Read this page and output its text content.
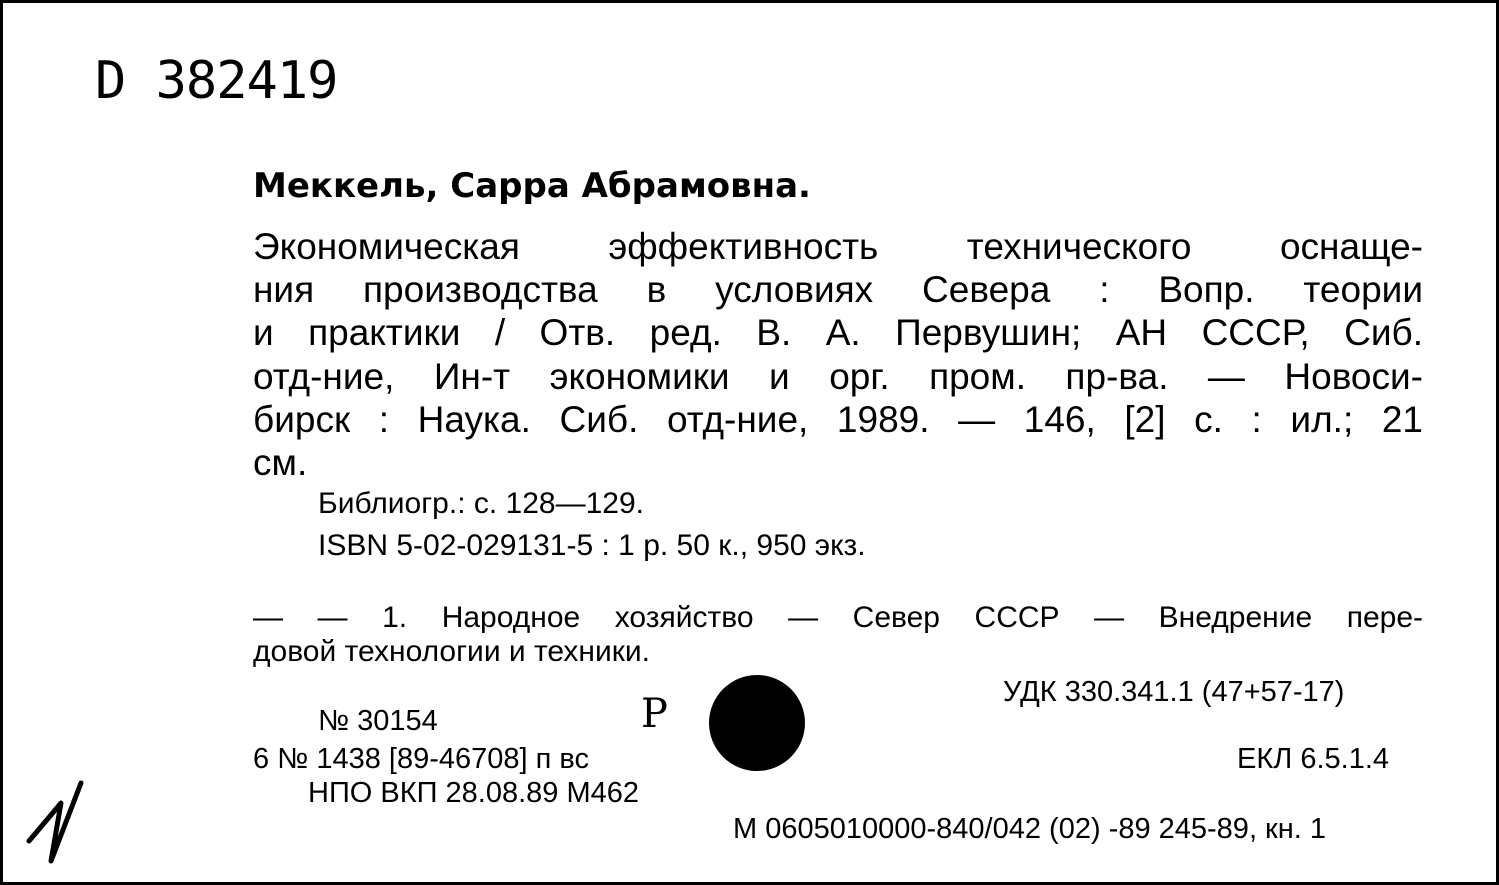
D 382419
Меккель, Сарра Абрамовна.
Экономическая эффективность технического оснаще-
ния производства в условиях Севера : Вопр. теории
и практики / Отв. ред. В. А. Первушин; АН СССР, Сиб.
отд-ние, Ин-т экономики и орг. пром. пр-ва. — Новоси-
бирск : Наука. Сиб. отд-ние, 1989. — 146, [2] с. : ил.; 21
см.
Библиогр.: с. 128—129.
ISBN 5-02-029131-5 : 1 р. 50 к., 950 экз.
— — 1. Народное хозяйство — Север СССР — Внедрение пере-
довой технологии и техники.
УДК 330.341.1 (47+57-17)
№ 30154	Р
6 № 1438 [89-46708] п вс	ЕКЛ 6.5.1.4
НПО ВКП 28.08.89 М462
М 0605010000-840/042 (02) -89 245-89, кн. 1
